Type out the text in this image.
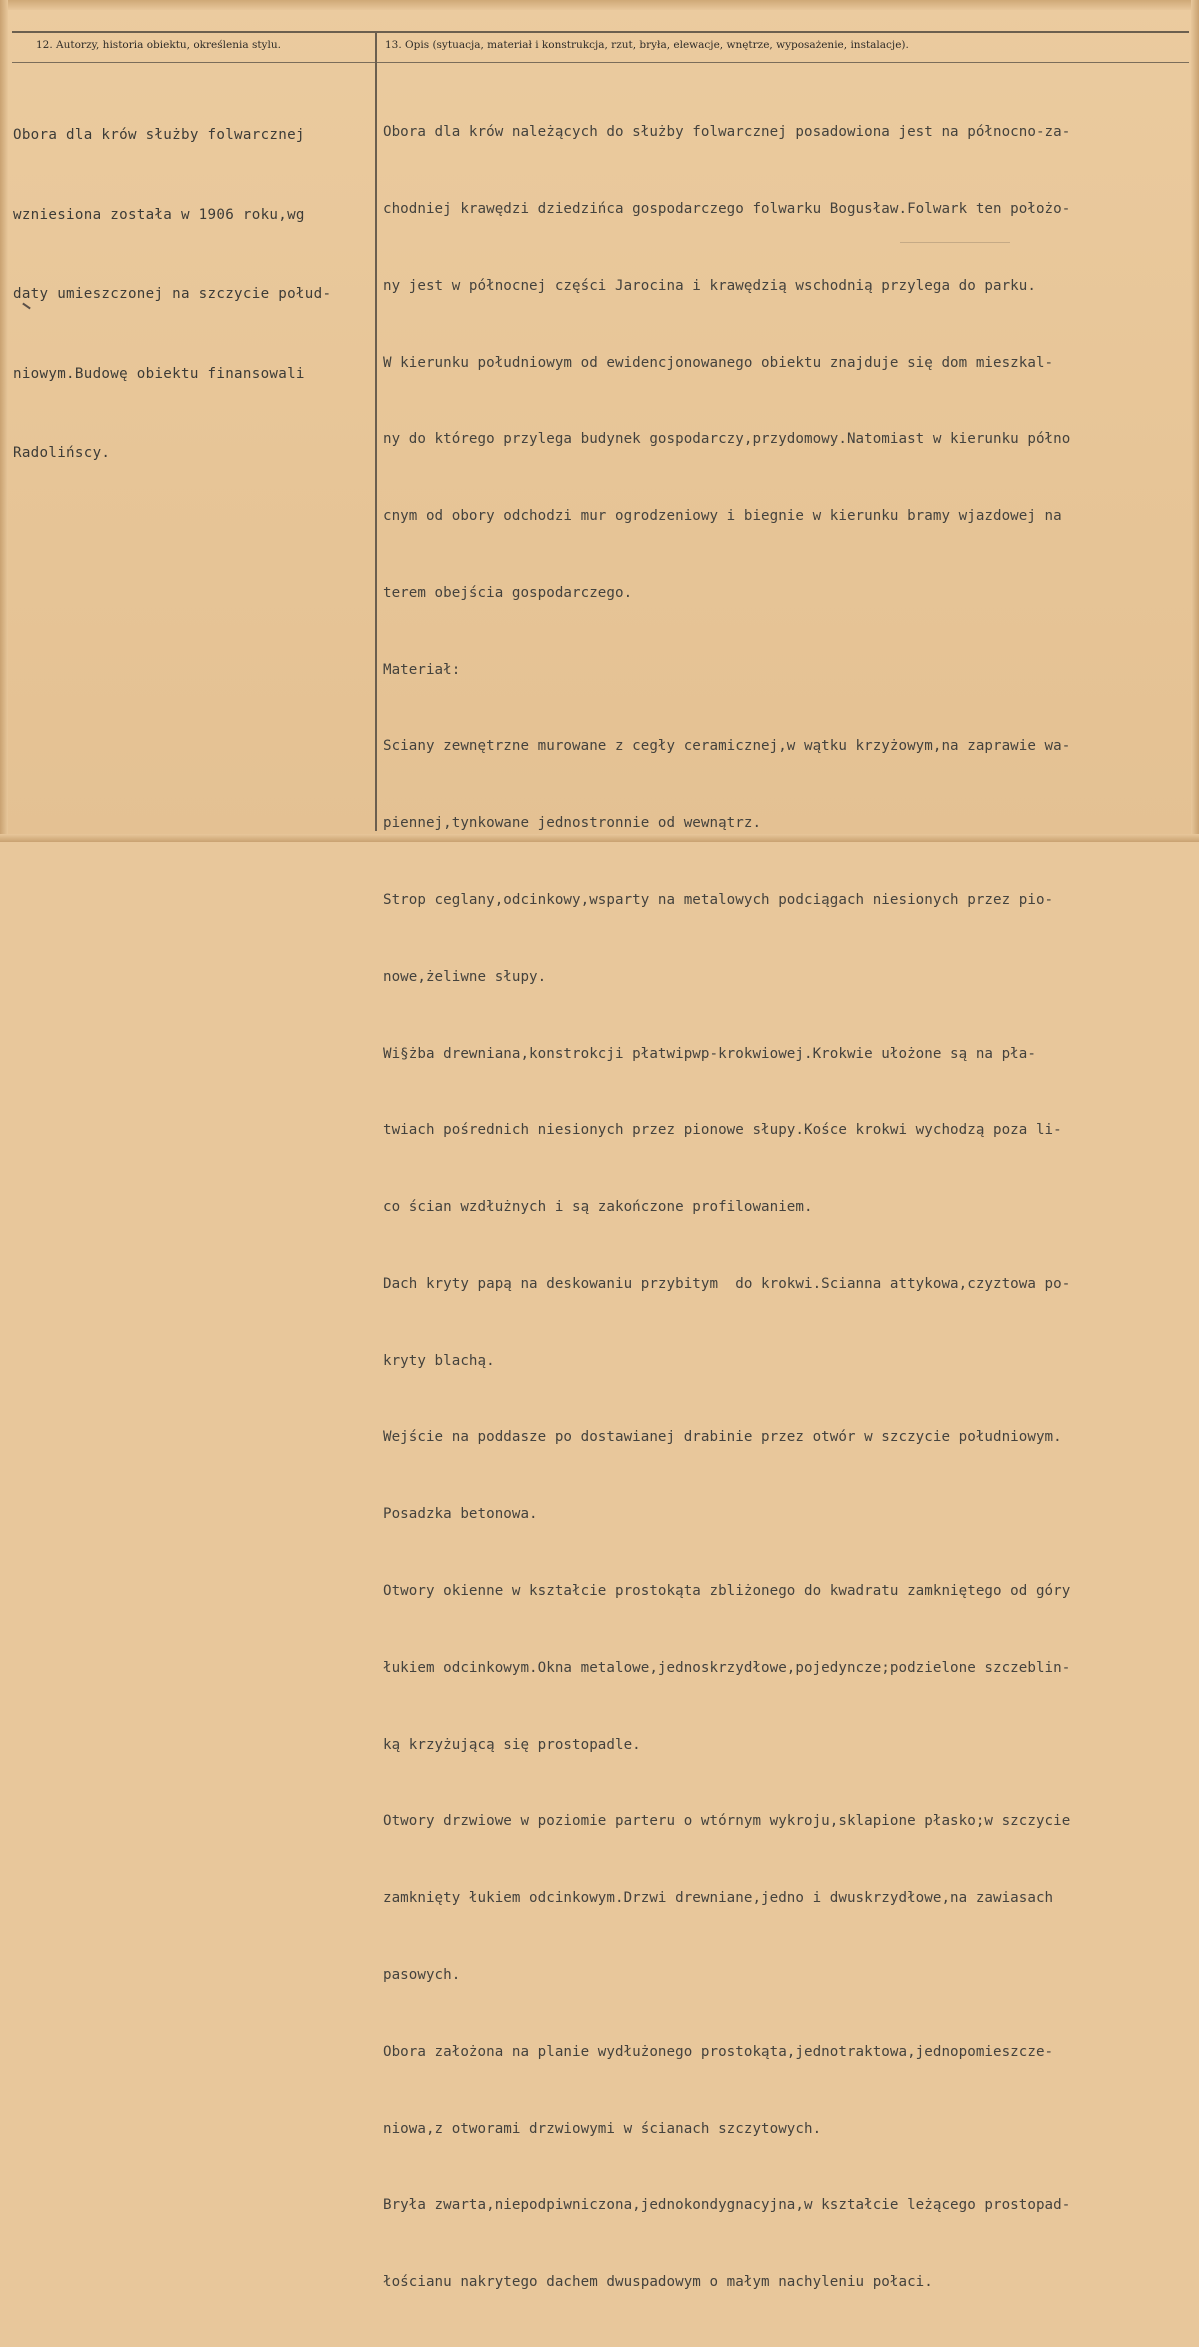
12. Autorzy, historia obiektu, określenia stylu.	13. Opis (sytuacja, materiał i konstrukcja, rzut, bryła, elewacje, wnętrze, wyposażenie, instalacje).

Obora dla krów służby folwarcznej

wzniesiona została w 1906 roku,wg

daty umieszczonej na szczycie połud-

niowym.Budowę obiektu finansowali

Radolińscy.

Obora dla krów należących do służby folwarcznej posadowiona jest na północno-za-

chodniej krawędzi dziedzińca gospodarczego folwarku Bogusław.Folwark ten położo-

ny jest w północnej części Jarocina i krawędzią wschodnią przylega do parku.

W kierunku południowym od ewidencjonowanego obiektu znajduje się dom mieszkal-

ny do którego przylega budynek gospodarczy,przydomowy.Natomiast w kierunku półno

cnym od obory odchodzi mur ogrodzeniowy i biegnie w kierunku bramy wjazdowej na

terem obejścia gospodarczego.

Materiał:

Sciany zewnętrzne murowane z cegły ceramicznej,w wątku krzyżowym,na zaprawie wa-

piennej,tynkowane jednostronnie od wewnątrz.

Strop ceglany,odcinkowy,wsparty na metalowych podciągach niesionych przez pio-

nowe,żeliwne słupy.

Wi§żba drewniana,konstrokcji płatwipwp-krokwiowej.Krokwie ułożone są na pła-

twiach pośrednich niesionych przez pionowe słupy.Kośce krokwi wychodzą poza li-

co ścian wzdłużnych i są zakończone profilowaniem.

Dach kryty papą na deskowaniu przybitym  do krokwi.Scianna attykowa,czyztowa po-

kryty blachą.

Wejście na poddasze po dostawianej drabinie przez otwór w szczycie południowym.

Posadzka betonowa.

Otwory okienne w kształcie prostokąta zbliżonego do kwadratu zamkniętego od góry

łukiem odcinkowym.Okna metalowe,jednoskrzydłowe,pojedyncze;podzielone szczeblin-

ką krzyżującą się prostopadle.

Otwory drzwiowe w poziomie parteru o wtórnym wykroju,sklapione płasko;w szczycie

zamknięty łukiem odcinkowym.Drzwi drewniane,jedno i dwuskrzydłowe,na zawiasach

pasowych.

Obora założona na planie wydłużonego prostokąta,jednotraktowa,jednopomieszcze-

niowa,z otworami drzwiowymi w ścianach szczytowych.

Bryła zwarta,niepodpiwniczona,jednokondygnacyjna,w kształcie leżącego prostopad-

łościanu nakrytego dachem dwuspadowym o małym nachyleniu połaci.
